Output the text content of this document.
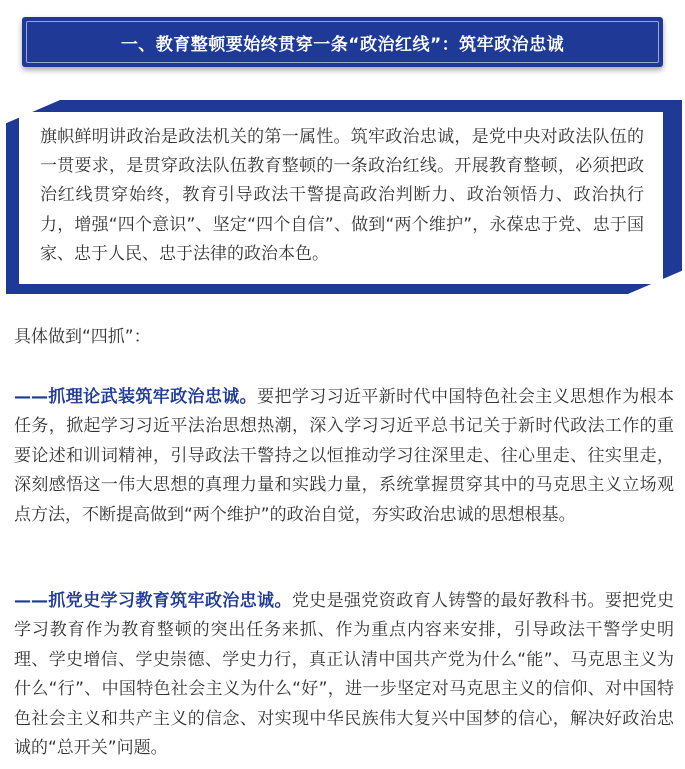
一、教育整顿要始终贯穿一条“政治红线”：筑牢政治忠诚
旗帜鲜明讲政治是政法机关的第一属性。筑牢政治忠诚，是党中央对政法队伍的一贯要求，是贯穿政法队伍教育整顿的一条政治红线。开展教育整顿，必须把政治红线贯穿始终，教育引导政法干警提高政治判断力、政治领悟力、政治执行力，增强“四个意识”、坚定“四个自信”、做到“两个维护”，永葆忠于党、忠于国家、忠于人民、忠于法律的政治本色。
具体做到“四抓”：
——抓理论武装筑牢政治忠诚。要把学习习近平新时代中国特色社会主义思想作为根本任务，掀起学习习近平法治思想热潮，深入学习习近平总书记关于新时代政法工作的重要论述和训词精神，引导政法干警持之以恒推动学习往深里走、往心里走、往实里走，深刻感悟这一伟大思想的真理力量和实践力量，系统掌握贯穿其中的马克思主义立场观点方法，不断提高做到“两个维护”的政治自觉，夯实政治忠诚的思想根基。
——抓党史学习教育筑牢政治忠诚。党史是强党资政育人铸警的最好教科书。要把党史学习教育作为教育整顿的突出任务来抓、作为重点内容来安排，引导政法干警学史明理、学史增信、学史崇德、学史力行，真正认清中国共产党为什么“能”、马克思主义为什么“行”、中国特色社会主义为什么“好”，进一步坚定对马克思主义的信仰、对中国特色社会主义和共产主义的信念、对实现中华民族伟大复兴中国梦的信心，解决好政治忠诚的“总开关”问题。
